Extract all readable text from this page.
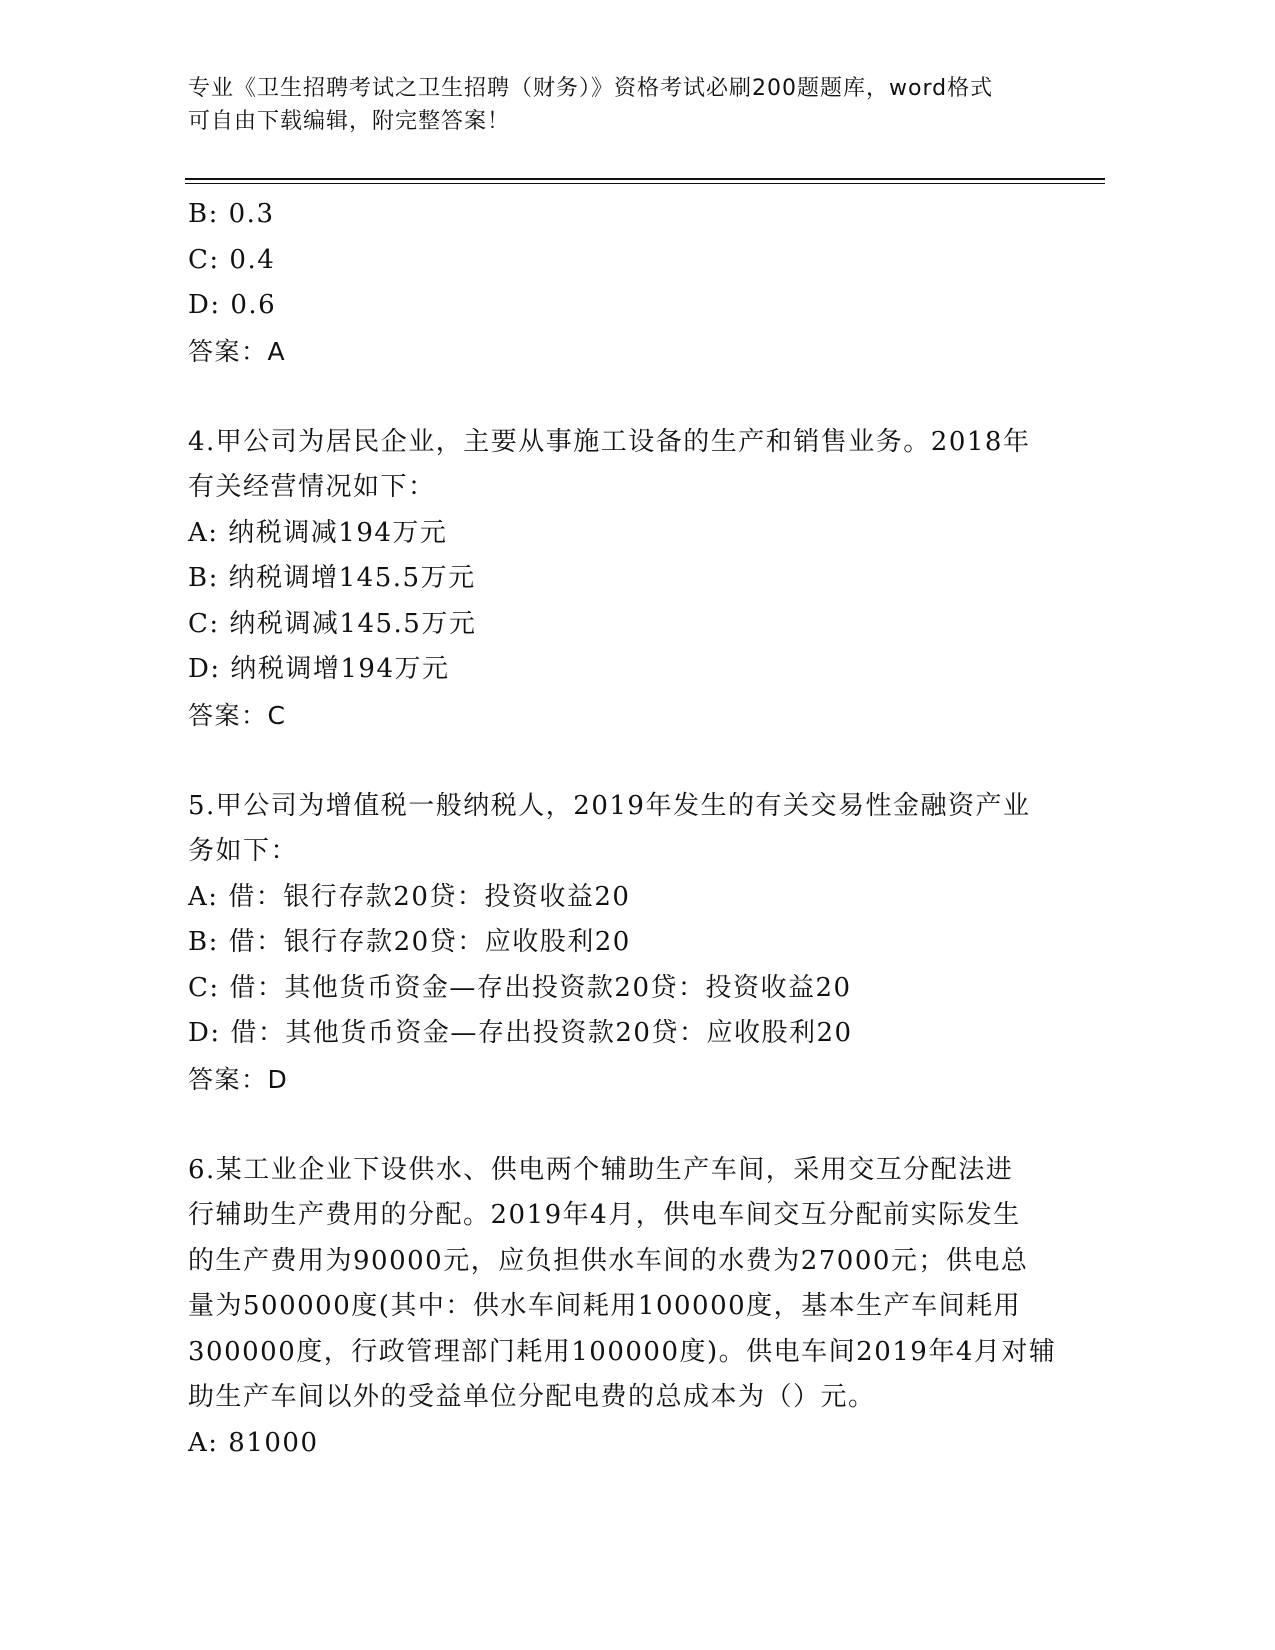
专业《卫生招聘考试之卫生招聘（财务）》资格考试必刷200题题库，word格式
可自由下载编辑，附完整答案！
B: 0.3
C: 0.4
D: 0.6
答案：A
4.甲公司为居民企业，主要从事施工设备的生产和销售业务。2018年
有关经营情况如下：
A: 纳税调减194万元
B: 纳税调增145.5万元
C: 纳税调减145.5万元
D: 纳税调增194万元
答案：C
5.甲公司为增值税一般纳税人，2019年发生的有关交易性金融资产业
务如下：
A: 借：银行存款20贷：投资收益20
B: 借：银行存款20贷：应收股利20
C: 借：其他货币资金—存出投资款20贷：投资收益20
D: 借：其他货币资金—存出投资款20贷：应收股利20
答案：D
6.某工业企业下设供水、供电两个辅助生产车间，采用交互分配法进
行辅助生产费用的分配。2019年4月，供电车间交互分配前实际发生
的生产费用为90000元，应负担供水车间的水费为27000元；供电总
量为500000度(其中：供水车间耗用100000度，基本生产车间耗用
300000度，行政管理部门耗用100000度)。供电车间2019年4月对辅
助生产车间以外的受益单位分配电费的总成本为（）元。
A: 81000
